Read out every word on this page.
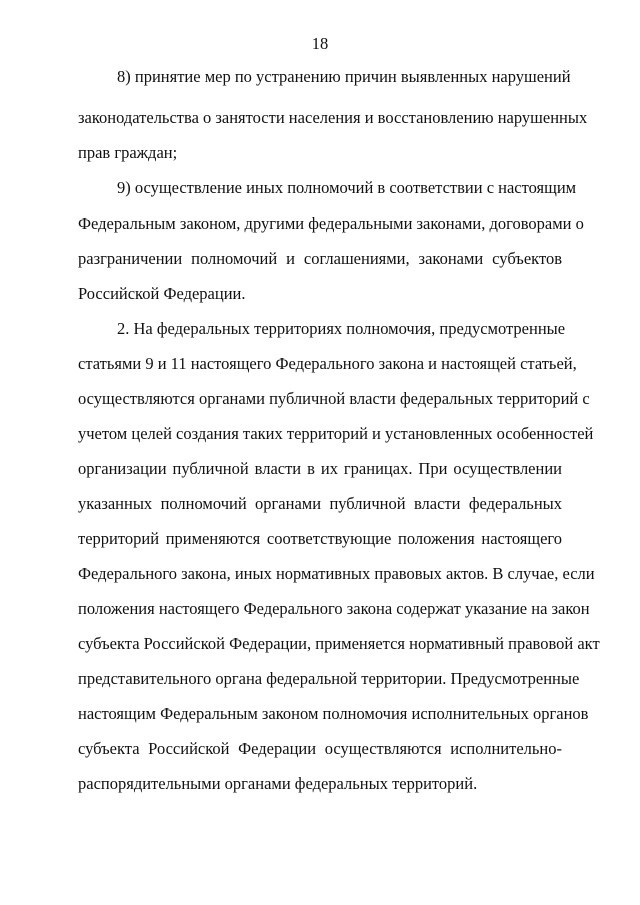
18
8) принятие мер по устранению причин выявленных нарушений
законодательства о занятости населения и восстановлению нарушенных
прав граждан;
9) осуществление иных полномочий в соответствии с настоящим
Федеральным законом, другими федеральными законами, договорами о
разграничении полномочий и соглашениями, законами субъектов
Российской Федерации.
2. На федеральных территориях полномочия, предусмотренные
статьями 9 и 11 настоящего Федерального закона и настоящей статьей,
осуществляются органами публичной власти федеральных территорий с
учетом целей создания таких территорий и установленных особенностей
организации публичной власти в их границах. При осуществлении
указанных полномочий органами публичной власти федеральных
территорий применяются соответствующие положения настоящего
Федерального закона, иных нормативных правовых актов. В случае, если
положения настоящего Федерального закона содержат указание на закон
субъекта Российской Федерации, применяется нормативный правовой акт
представительного органа федеральной территории. Предусмотренные
настоящим Федеральным законом полномочия исполнительных органов
субъекта Российской Федерации осуществляются исполнительно-
распорядительными органами федеральных территорий.
